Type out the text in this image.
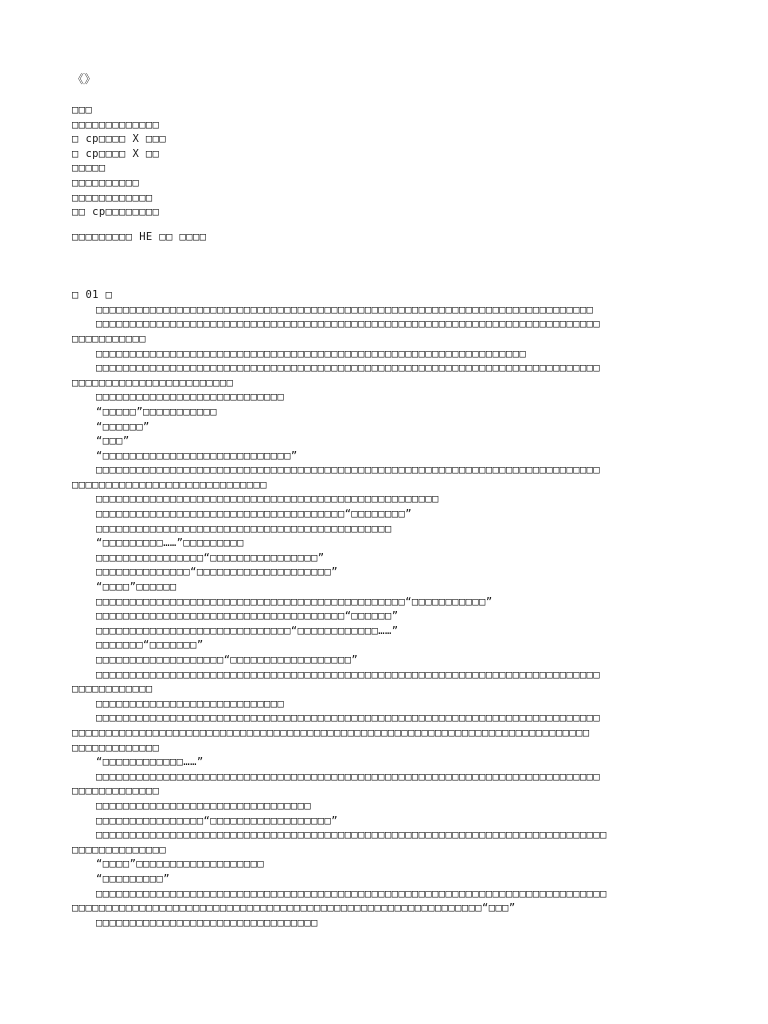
《》
□□□
□□□□□□□□□□□□□
□ cp□□□□ X □□□
□ cp□□□□ X □□
□□□□□
□□□□□□□□□□
□□□□□□□□□□□□
□□ cp□□□□□□□□
□□□□□□□□□ HE □□ □□□□
□ 01 □
□□□□□□□□□□□□□□□□□□□□□□□□□□□□□□□□□□□□□□□□□□□□□□□□□□□□□□□□□□□□□□□□□□□□□□□□□□
□□□□□□□□□□□□□□□□□□□□□□□□□□□□□□□□□□□□□□□□□□□□□□□□□□□□□□□□□□□□□□□□□□□□□□□□□□□
□□□□□□□□□□□
□□□□□□□□□□□□□□□□□□□□□□□□□□□□□□□□□□□□□□□□□□□□□□□□□□□□□□□□□□□□□□□□
□□□□□□□□□□□□□□□□□□□□□□□□□□□□□□□□□□□□□□□□□□□□□□□□□□□□□□□□□□□□□□□□□□□□□□□□□□□
□□□□□□□□□□□□□□□□□□□□□□□□
□□□□□□□□□□□□□□□□□□□□□□□□□□□□
“□□□□□”□□□□□□□□□□□
“□□□□□□”
“□□□”
“□□□□□□□□□□□□□□□□□□□□□□□□□□□□”
□□□□□□□□□□□□□□□□□□□□□□□□□□□□□□□□□□□□□□□□□□□□□□□□□□□□□□□□□□□□□□□□□□□□□□□□□□□
□□□□□□□□□□□□□□□□□□□□□□□□□□□□□
□□□□□□□□□□□□□□□□□□□□□□□□□□□□□□□□□□□□□□□□□□□□□□□□□□□
□□□□□□□□□□□□□□□□□□□□□□□□□□□□□□□□□□□□□“□□□□□□□□”
□□□□□□□□□□□□□□□□□□□□□□□□□□□□□□□□□□□□□□□□□□□□
“□□□□□□□□□……”□□□□□□□□□
□□□□□□□□□□□□□□□□“□□□□□□□□□□□□□□□□”
□□□□□□□□□□□□□□“□□□□□□□□□□□□□□□□□□□□”
“□□□□”□□□□□□
□□□□□□□□□□□□□□□□□□□□□□□□□□□□□□□□□□□□□□□□□□□□□□“□□□□□□□□□□□”
□□□□□□□□□□□□□□□□□□□□□□□□□□□□□□□□□□□□□“□□□□□□”
□□□□□□□□□□□□□□□□□□□□□□□□□□□□□“□□□□□□□□□□□□……”
□□□□□□□“□□□□□□□”
□□□□□□□□□□□□□□□□□□□“□□□□□□□□□□□□□□□□□□”
□□□□□□□□□□□□□□□□□□□□□□□□□□□□□□□□□□□□□□□□□□□□□□□□□□□□□□□□□□□□□□□□□□□□□□□□□□□
□□□□□□□□□□□□
□□□□□□□□□□□□□□□□□□□□□□□□□□□□
□□□□□□□□□□□□□□□□□□□□□□□□□□□□□□□□□□□□□□□□□□□□□□□□□□□□□□□□□□□□□□□□□□□□□□□□□□□
□□□□□□□□□□□□□□□□□□□□□□□□□□□□□□□□□□□□□□□□□□□□□□□□□□□□□□□□□□□□□□□□□□□□□□□□□□□□□
□□□□□□□□□□□□□
“□□□□□□□□□□□□……”
□□□□□□□□□□□□□□□□□□□□□□□□□□□□□□□□□□□□□□□□□□□□□□□□□□□□□□□□□□□□□□□□□□□□□□□□□□□
□□□□□□□□□□□□□
□□□□□□□□□□□□□□□□□□□□□□□□□□□□□□□□
□□□□□□□□□□□□□□□□“□□□□□□□□□□□□□□□□□□”
□□□□□□□□□□□□□□□□□□□□□□□□□□□□□□□□□□□□□□□□□□□□□□□□□□□□□□□□□□□□□□□□□□□□□□□□□□□□
□□□□□□□□□□□□□□
“□□□□”□□□□□□□□□□□□□□□□□□□
“□□□□□□□□□”
□□□□□□□□□□□□□□□□□□□□□□□□□□□□□□□□□□□□□□□□□□□□□□□□□□□□□□□□□□□□□□□□□□□□□□□□□□□□
□□□□□□□□□□□□□□□□□□□□□□□□□□□□□□□□□□□□□□□□□□□□□□□□□□□□□□□□□□□□□“□□□”
□□□□□□□□□□□□□□□□□□□□□□□□□□□□□□□□□
